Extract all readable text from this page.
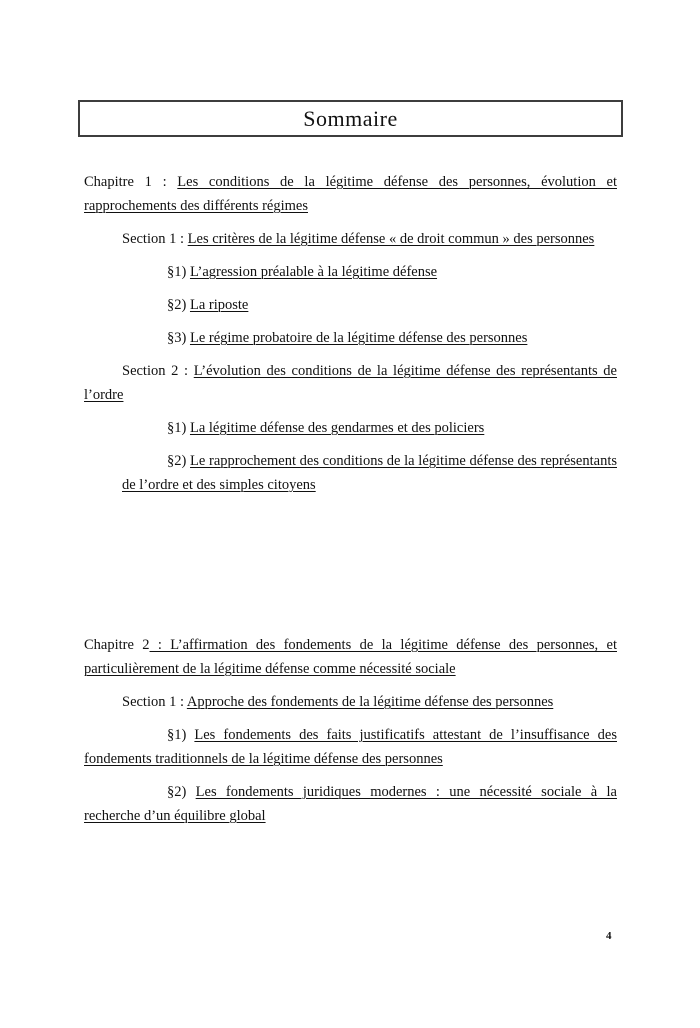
Sommaire

Chapitre 1 : Les conditions de la légitime défense des personnes, évolution et rapprochements des différents régimes

Section 1 : Les critères de la légitime défense « de droit commun » des personnes

§1) L’agression préalable à la légitime défense

§2) La riposte

§3) Le régime probatoire de la légitime défense des personnes

Section 2 : L’évolution des conditions de la légitime défense des représentants de l’ordre

§1) La légitime défense des gendarmes et des policiers

§2) Le rapprochement des conditions de la légitime défense des représentants de l’ordre et des simples citoyens

Chapitre 2 : L’affirmation des fondements de la légitime défense des personnes, et particulièrement de la légitime défense comme nécessité sociale

Section 1 : Approche des fondements de la légitime défense des personnes

§1) Les fondements des faits justificatifs attestant de l’insuffisance des fondements traditionnels de la légitime défense des personnes

§2) Les fondements juridiques modernes : une nécessité sociale à la recherche d’un équilibre global

4
